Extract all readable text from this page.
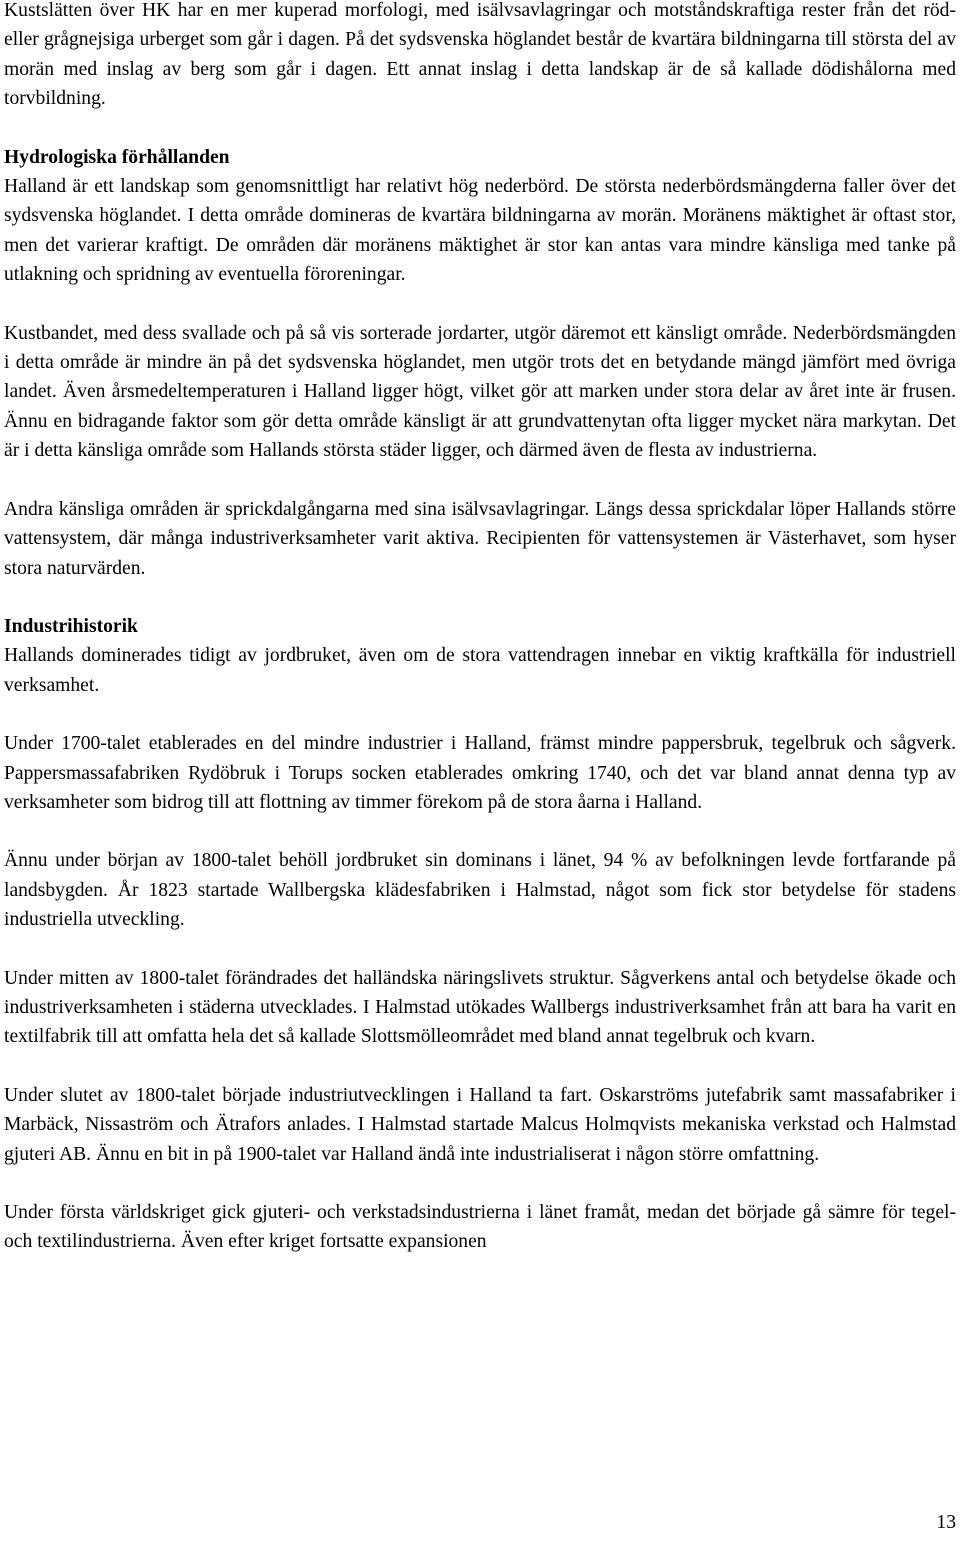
Kustslätten över HK har en mer kuperad morfologi, med isälvsavlagringar och motståndskraftiga rester från det röd- eller grågnejsiga urberget som går i dagen. På det sydsvenska höglandet består de kvartära bildningarna till största del av morän med inslag av berg som går i dagen. Ett annat inslag i detta landskap är de så kallade dödishålorna med torvbildning.

Hydrologiska förhållanden

Halland är ett landskap som genomsnittligt har relativt hög nederbörd. De största nederbördsmängderna faller över det sydsvenska höglandet. I detta område domineras de kvartära bildningarna av morän. Moränens mäktighet är oftast stor, men det varierar kraftigt. De områden där moränens mäktighet är stor kan antas vara mindre känsliga med tanke på utlakning och spridning av eventuella föroreningar.

Kustbandet, med dess svallade och på så vis sorterade jordarter, utgör däremot ett känsligt område. Nederbördsmängden i detta område är mindre än på det sydsvenska höglandet, men utgör trots det en betydande mängd jämfört med övriga landet. Även årsmedeltemperaturen i Halland ligger högt, vilket gör att marken under stora delar av året inte är frusen. Ännu en bidragande faktor som gör detta område känsligt är att grundvattenytan ofta ligger mycket nära markytan. Det är i detta känsliga område som Hallands största städer ligger, och därmed även de flesta av industrierna.

Andra känsliga områden är sprickdalgångarna med sina isälvsavlagringar. Längs dessa sprickdalar löper Hallands större vattensystem, där många industriverksamheter varit aktiva. Recipienten för vattensystemen är Västerhavet, som hyser stora naturvärden.

Industrihistorik

Hallands dominerades tidigt av jordbruket, även om de stora vattendragen innebar en viktig kraftkälla för industriell verksamhet.

Under 1700-talet etablerades en del mindre industrier i Halland, främst mindre pappersbruk, tegelbruk och sågverk. Pappersmassafabriken Rydöbruk i Torups socken etablerades omkring 1740, och det var bland annat denna typ av verksamheter som bidrog till att flottning av timmer förekom på de stora åarna i Halland.

Ännu under början av 1800-talet behöll jordbruket sin dominans i länet, 94 % av befolkningen levde fortfarande på landsbygden. År 1823 startade Wallbergska klädesfabriken i Halmstad, något som fick stor betydelse för stadens industriella utveckling.

Under mitten av 1800-talet förändrades det halländska näringslivets struktur. Sågverkens antal och betydelse ökade och industriverksamheten i städerna utvecklades. I Halmstad utökades Wallbergs industriverksamhet från att bara ha varit en textilfabrik till att omfatta hela det så kallade Slottsmölleområdet med bland annat tegelbruk och kvarn.

Under slutet av 1800-talet började industriutvecklingen i Halland ta fart. Oskarströms jutefabrik samt massafabriker i Marbäck, Nissaström och Ätrafors anlades. I Halmstad startade Malcus Holmqvists mekaniska verkstad och Halmstad gjuteri AB. Ännu en bit in på 1900-talet var Halland ändå inte industrialiserat i någon större omfattning.

Under första världskriget gick gjuteri- och verkstadsindustrierna i länet framåt, medan det började gå sämre för tegel- och textilindustrierna. Även efter kriget fortsatte expansionen

13
